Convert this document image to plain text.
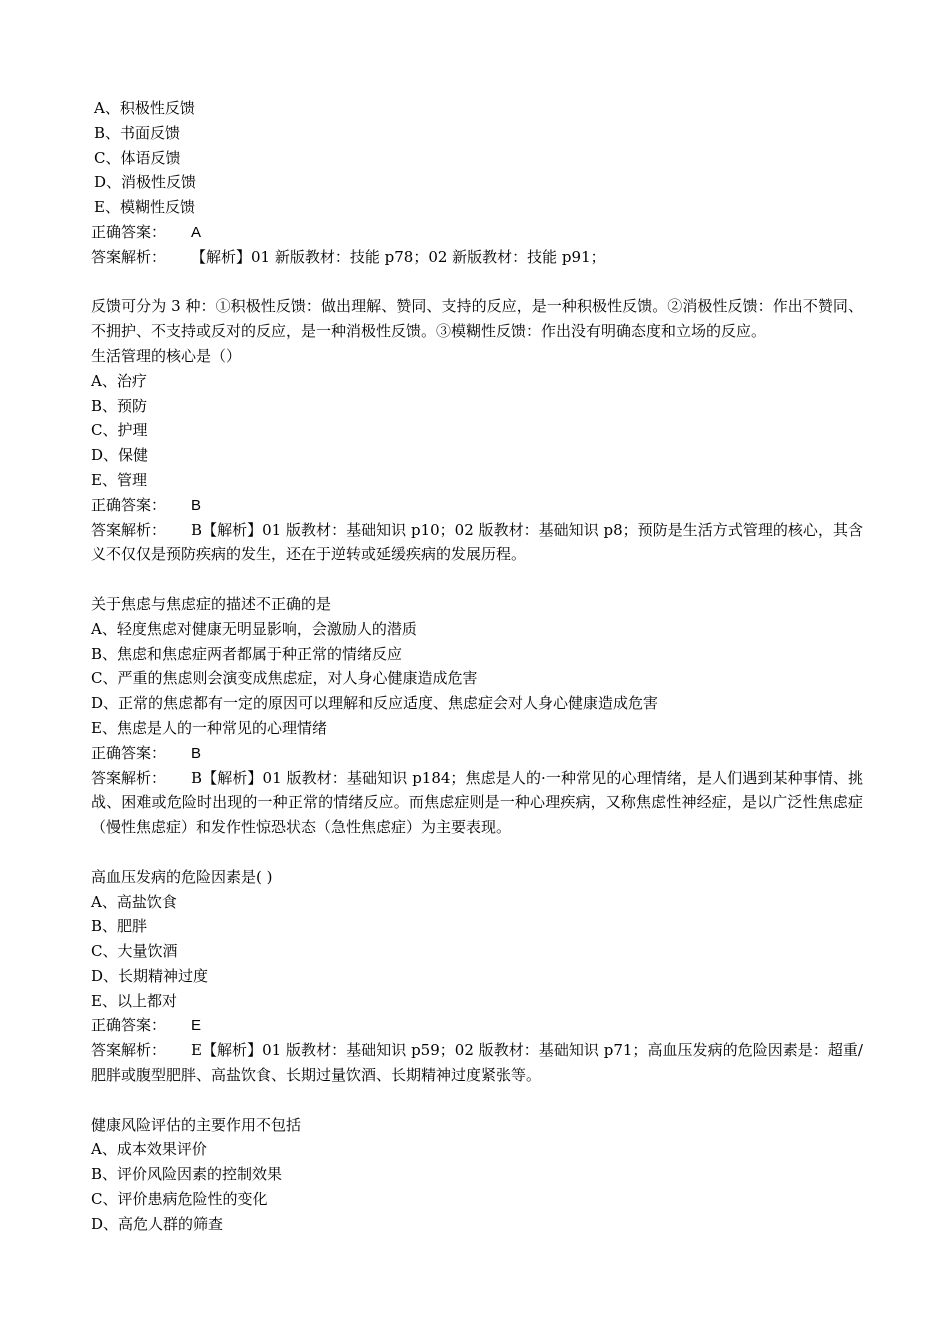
A、积极性反馈
B、书面反馈
C、体语反馈
D、消极性反馈
E、模糊性反馈
正确答案： A
答案解析： 【解析】01 新版教材：技能 p78；02 新版教材：技能 p91；
反馈可分为 3 种：①积极性反馈：做出理解、赞同、支持的反应，是一种积极性反馈。②消极性反馈：作出不赞同、不拥护、不支持或反对的反应，是一种消极性反馈。③模糊性反馈：作出没有明确态度和立场的反应。
生活管理的核心是（）
A、治疗
B、预防
C、护理
D、保健
E、管理
正确答案： B
答案解析： B【解析】01 版教材：基础知识 p10；02 版教材：基础知识 p8；预防是生活方式管理的核心，其含义不仅仅是预防疾病的发生，还在于逆转或延缓疾病的发展历程。
关于焦虑与焦虑症的描述不正确的是
A、轻度焦虑对健康无明显影响，会激励人的潜质
B、焦虑和焦虑症两者都属于种正常的情绪反应
C、严重的焦虑则会演变成焦虑症，对人身心健康造成危害
D、正常的焦虑都有一定的原因可以理解和反应适度、焦虑症会对人身心健康造成危害
E、焦虑是人的一种常见的心理情绪
正确答案： B
答案解析： B【解析】01 版教材：基础知识 p184；焦虑是人的·一种常见的心理情绪，是人们遇到某种事情、挑战、困难或危险时出现的一种正常的情绪反应。而焦虑症则是一种心理疾病，又称焦虑性神经症，是以广泛性焦虑症（慢性焦虑症）和发作性惊恐状态（急性焦虑症）为主要表现。
高血压发病的危险因素是( )
A、高盐饮食
B、肥胖
C、大量饮酒
D、长期精神过度
E、以上都对
正确答案： E
答案解析： E【解析】01 版教材：基础知识 p59；02 版教材：基础知识 p71；高血压发病的危险因素是：超重/肥胖或腹型肥胖、高盐饮食、长期过量饮酒、长期精神过度紧张等。
健康风险评估的主要作用不包括
A、成本效果评价
B、评价风险因素的控制效果
C、评价患病危险性的变化
D、高危人群的筛查
